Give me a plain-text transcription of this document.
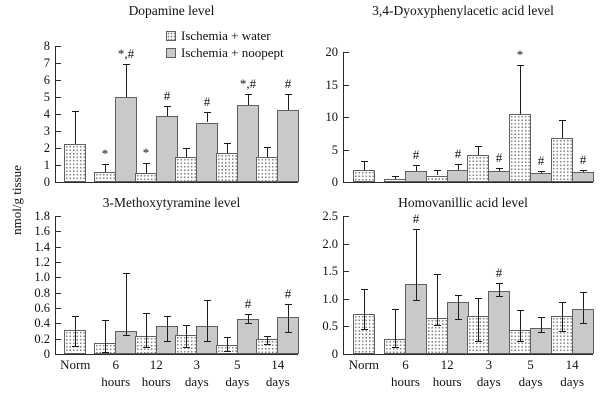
nmol/g tissue
Dopamine level	3,4-Dyoxyphenylacetic acid level
3-Methoxytyramine level	Homovanillic acid level
Ischemia + water
Ischemia + noopept
0
1
2
3
4
5
6
7
8
*
*,#
*
#	#
*,#	#
0
5
10
15
20
#	#	#
*
#	#
0
0.2
0.4
0.6
0.8
1.0
1.2
1.4
1.6
1.8
Norm	6
hours
12
hours
3
days
#
5
days
#
14
days
0
0.5
1.0
1.5
2.0
2.5
Norm
#
6
hours
12
hours
#
3
days
5
days
14
days
